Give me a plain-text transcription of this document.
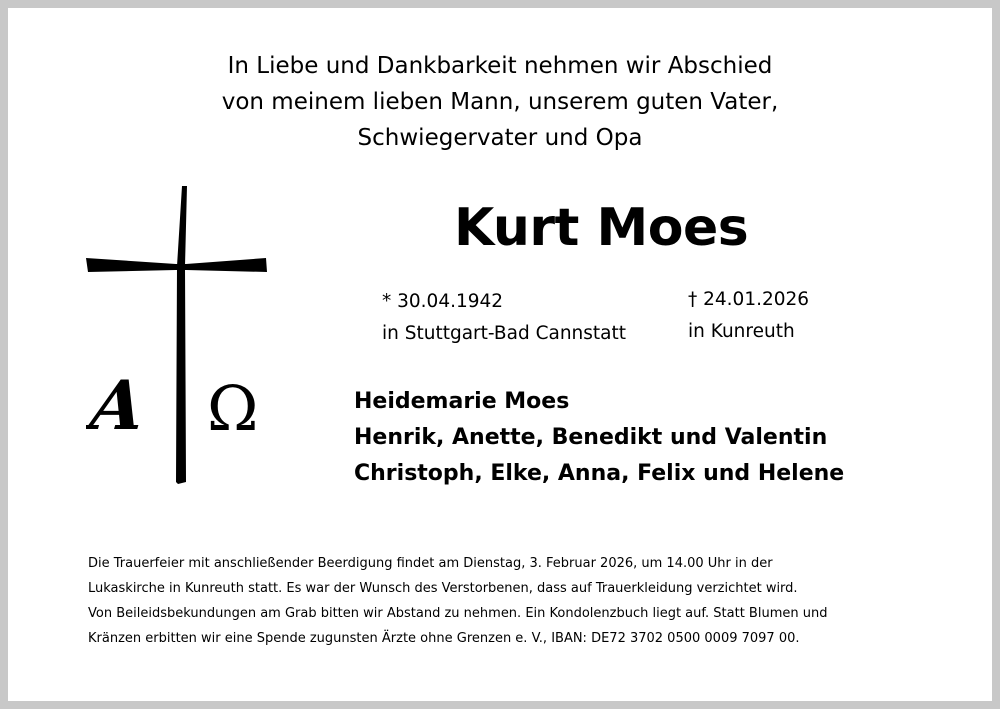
In Liebe und Dankbarkeit nehmen wir Abschied
von meinem lieben Mann, unserem guten Vater,
Schwiegervater und Opa
A Ω
Kurt Moes
* 30.04.1942
in Stuttgart-Bad Cannstatt
† 24.01.2026
in Kunreuth
Heidemarie Moes
Henrik, Anette, Benedikt und Valentin
Christoph, Elke, Anna, Felix und Helene
Die Trauerfeier mit anschließender Beerdigung findet am Dienstag, 3. Februar 2026, um 14.00 Uhr in der
Lukaskirche in Kunreuth statt. Es war der Wunsch des Verstorbenen, dass auf Trauerkleidung verzichtet wird.
Von Beileidsbekundungen am Grab bitten wir Abstand zu nehmen. Ein Kondolenzbuch liegt auf. Statt Blumen und
Kränzen erbitten wir eine Spende zugunsten Ärzte ohne Grenzen e. V., IBAN: DE72 3702 0500 0009 7097 00.
